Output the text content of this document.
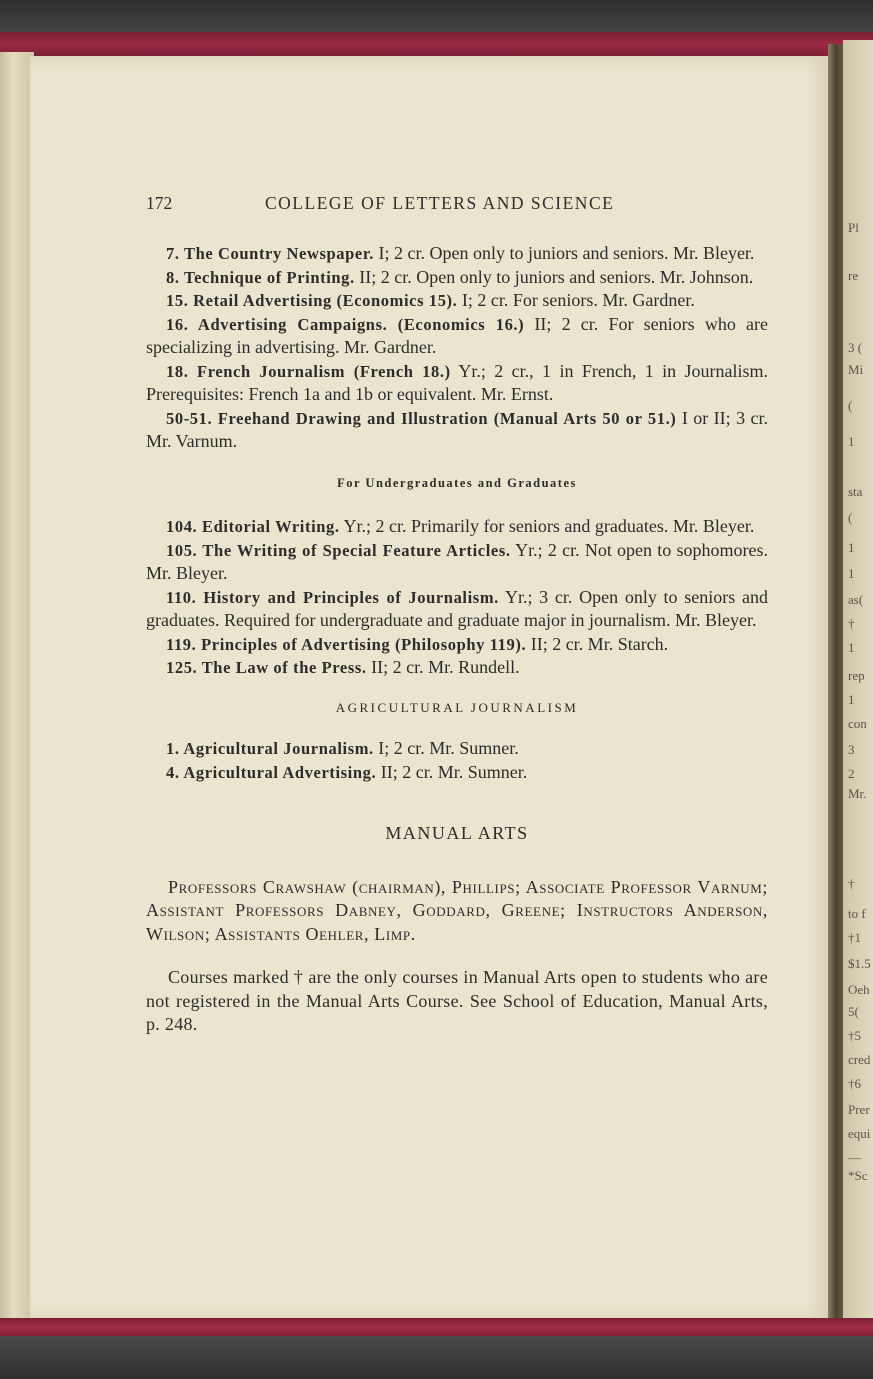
Pl
re
3 (
Mi
(
1
sta
(
1
1
as(
†
1
rep
1
con
3
2
Mr.
†
to f
†1
$1.5
Oeh
5(
†5
cred
†6
Prer
equi
—
*Sc
172	COLLEGE OF LETTERS AND SCIENCE

7. The Country Newspaper. I; 2 cr. Open only to juniors and seniors. Mr. Bleyer.

8. Technique of Printing. II; 2 cr. Open only to juniors and seniors. Mr. Johnson.

15. Retail Advertising (Economics 15). I; 2 cr. For seniors. Mr. Gardner.

16. Advertising Campaigns. (Economics 16.) II; 2 cr. For seniors who are specializing in advertising. Mr. Gardner.

18. French Journalism (French 18.) Yr.; 2 cr., 1 in French, 1 in Journalism. Prerequisites: French 1a and 1b or equivalent. Mr. Ernst.

50-51. Freehand Drawing and Illustration (Manual Arts 50 or 51.) I or II; 3 cr. Mr. Varnum.

For Undergraduates and Graduates

104. Editorial Writing. Yr.; 2 cr. Primarily for seniors and graduates. Mr. Bleyer.

105. The Writing of Special Feature Articles. Yr.; 2 cr. Not open to sophomores. Mr. Bleyer.

110. History and Principles of Journalism. Yr.; 3 cr. Open only to seniors and graduates. Required for undergraduate and graduate major in journalism. Mr. Bleyer.

119. Principles of Advertising (Philosophy 119). II; 2 cr. Mr. Starch.

125. The Law of the Press. II; 2 cr. Mr. Rundell.

AGRICULTURAL JOURNALISM

1. Agricultural Journalism. I; 2 cr. Mr. Sumner.

4. Agricultural Advertising. II; 2 cr. Mr. Sumner.

MANUAL ARTS

Professors Crawshaw (chairman), Phillips; Associate Professor Varnum; Assistant Professors Dabney, Goddard, Greene; Instructors Anderson, Wilson; Assistants Oehler, Limp.

Courses marked † are the only courses in Manual Arts open to students who are not registered in the Manual Arts Course. See School of Education, Manual Arts, p. 248.
